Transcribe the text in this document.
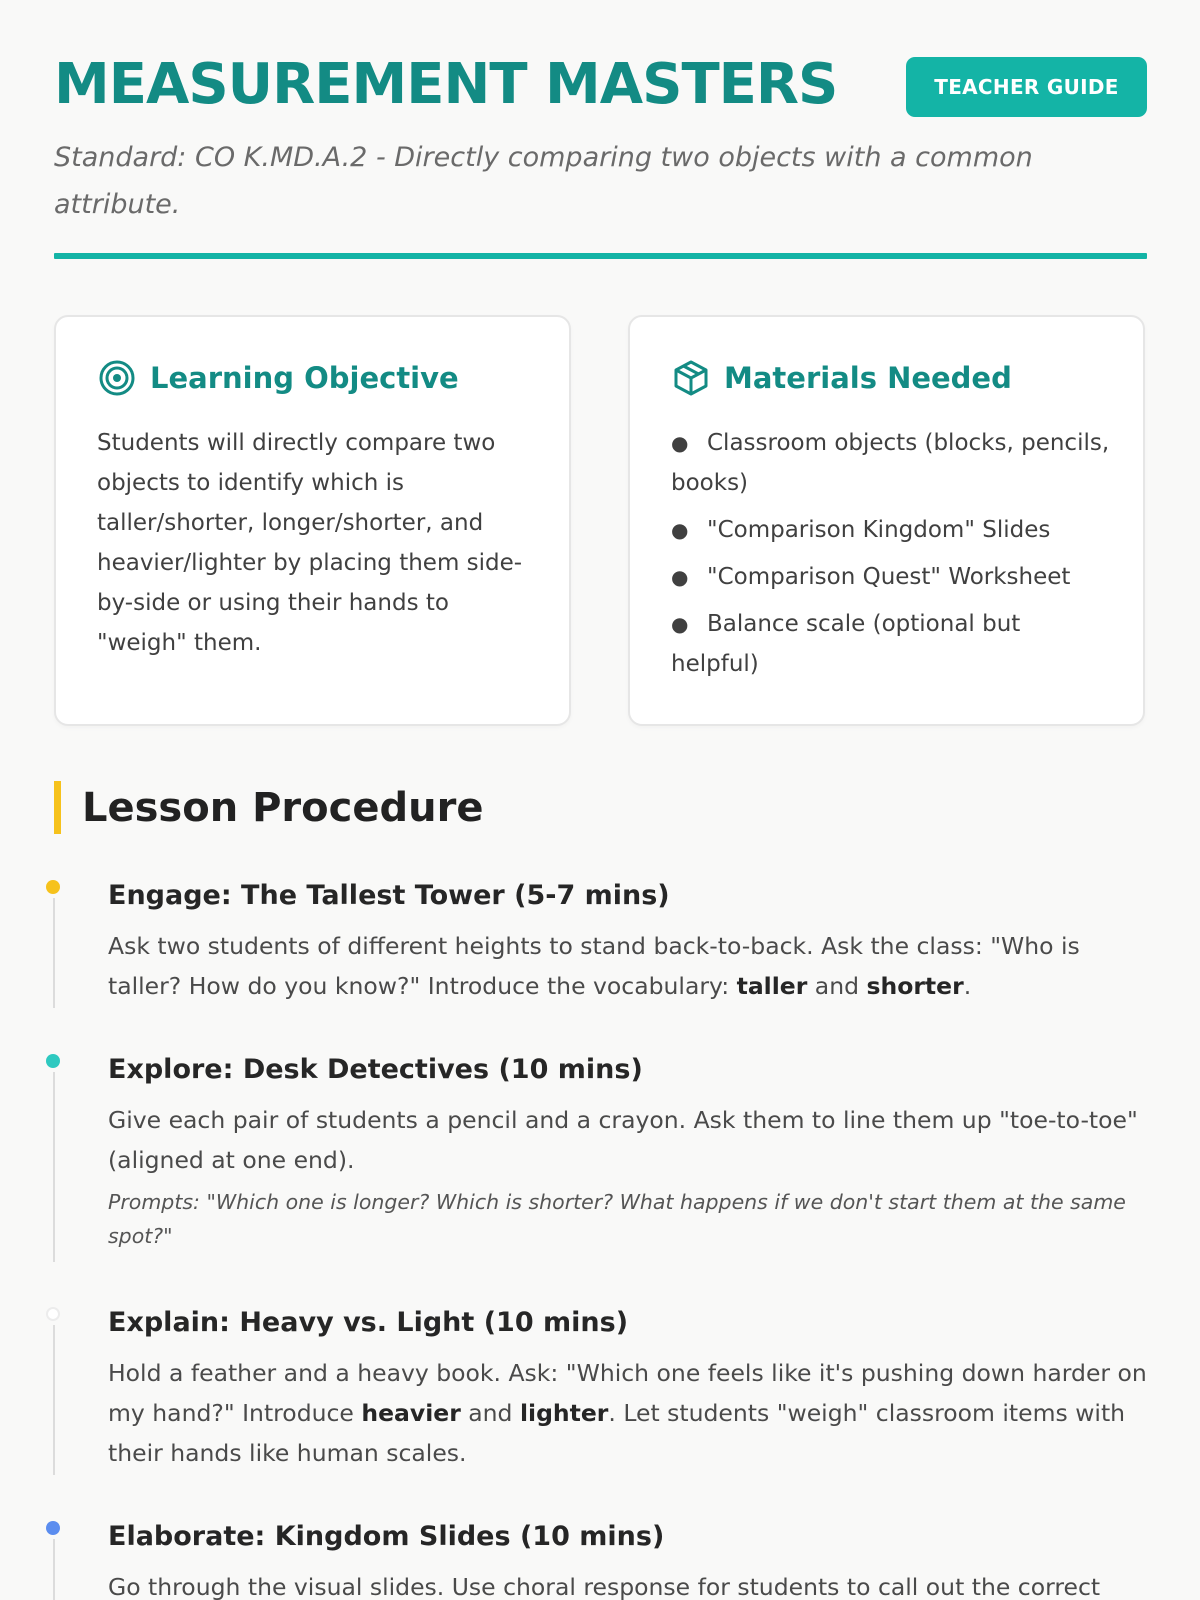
MEASUREMENT MASTERS	TEACHER GUIDE

Standard: CO K.MD.A.2 - Directly comparing two objects with a common attribute.

Learning Objective

Students will directly compare two objects to identify which is taller/shorter, longer/shorter, and heavier/lighter by placing them side-by-side or using their hands to "weigh" them.

Materials Needed
● Classroom objects (blocks, pencils, books)
● "Comparison Kingdom" Slides
● "Comparison Quest" Worksheet
● Balance scale (optional but helpful)
Lesson Procedure
Engage: The Tallest Tower (5-7 mins)

Ask two students of different heights to stand back-to-back. Ask the class: "Who is taller? How do you know?" Introduce the vocabulary: taller and shorter.

Explore: Desk Detectives (10 mins)

Give each pair of students a pencil and a crayon. Ask them to line them up "toe-to-toe" (aligned at one end).

Prompts: "Which one is longer? Which is shorter? What happens if we don't start them at the same spot?"

Explain: Heavy vs. Light (10 mins)

Hold a feather and a heavy book. Ask: "Which one feels like it's pushing down harder on my hand?" Introduce heavier and lighter. Let students "weigh" classroom items with their hands like human scales.

Elaborate: Kingdom Slides (10 mins)

Go through the visual slides. Use choral response for students to call out the correct
